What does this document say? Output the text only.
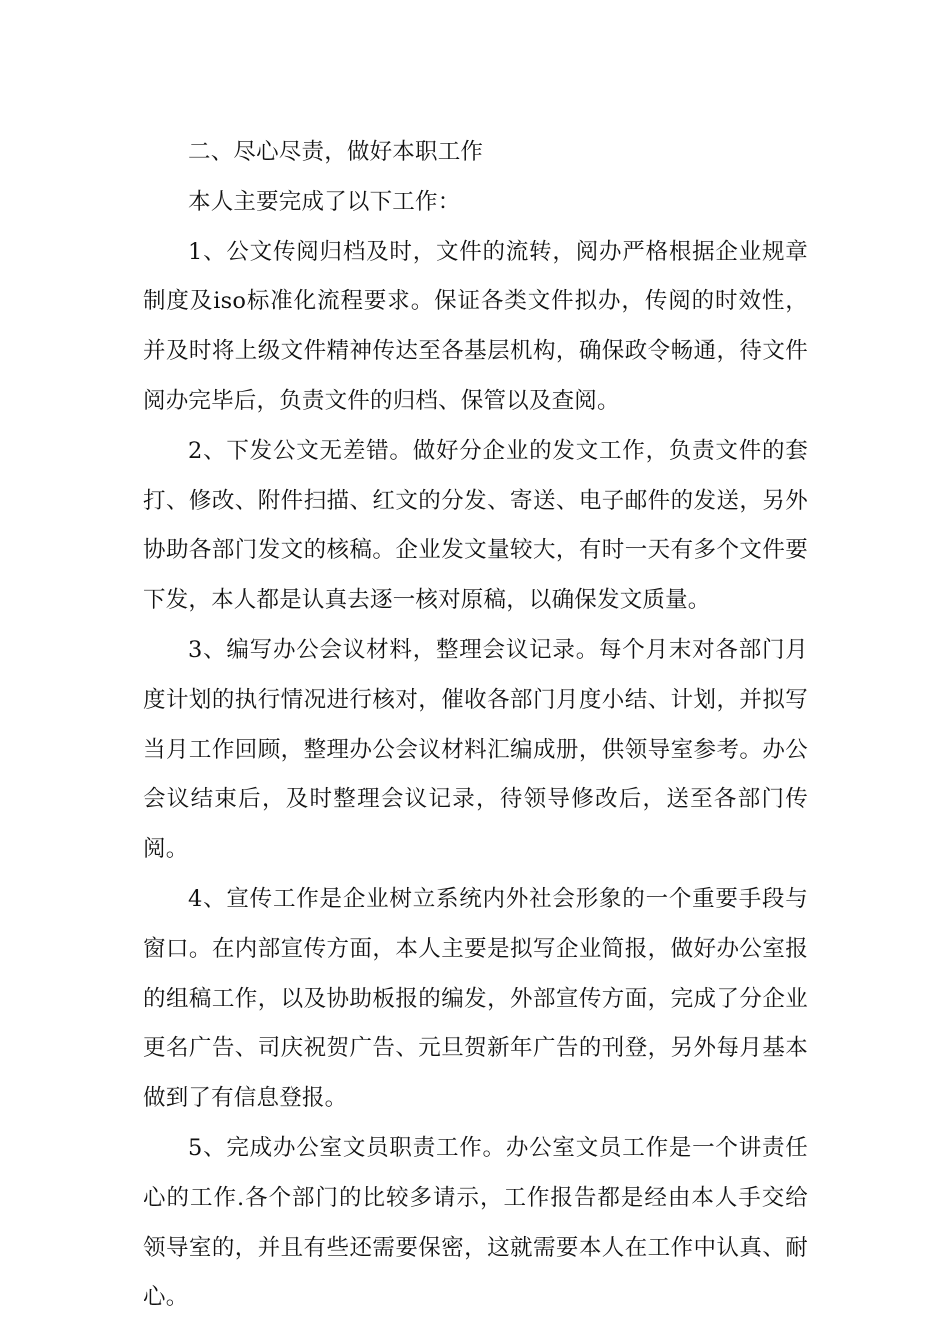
二、尽心尽责，做好本职工作

本人主要完成了以下工作：

1、公文传阅归档及时，文件的流转，阅办严格根据企业规章制度及iso标准化流程要求。保证各类文件拟办，传阅的时效性，并及时将上级文件精神传达至各基层机构，确保政令畅通，待文件阅办完毕后，负责文件的归档、保管以及查阅。

2、下发公文无差错。做好分企业的发文工作，负责文件的套打、修改、附件扫描、红文的分发、寄送、电子邮件的发送，另外协助各部门发文的核稿。企业发文量较大，有时一天有多个文件要下发，本人都是认真去逐一核对原稿，以确保发文质量。

3、编写办公会议材料，整理会议记录。每个月末对各部门月度计划的执行情况进行核对，催收各部门月度小结、计划，并拟写当月工作回顾，整理办公会议材料汇编成册，供领导室参考。办公会议结束后，及时整理会议记录，待领导修改后，送至各部门传阅。

4、宣传工作是企业树立系统内外社会形象的一个重要手段与窗口。在内部宣传方面，本人主要是拟写企业简报，做好办公室报的组稿工作，以及协助板报的编发，外部宣传方面，完成了分企业更名广告、司庆祝贺广告、元旦贺新年广告的刊登，另外每月基本做到了有信息登报。

5、完成办公室文员职责工作。办公室文员工作是一个讲责任心的工作.各个部门的比较多请示，工作报告都是经由本人手交给领导室的，并且有些还需要保密，这就需要本人在工作中认真、耐心。
